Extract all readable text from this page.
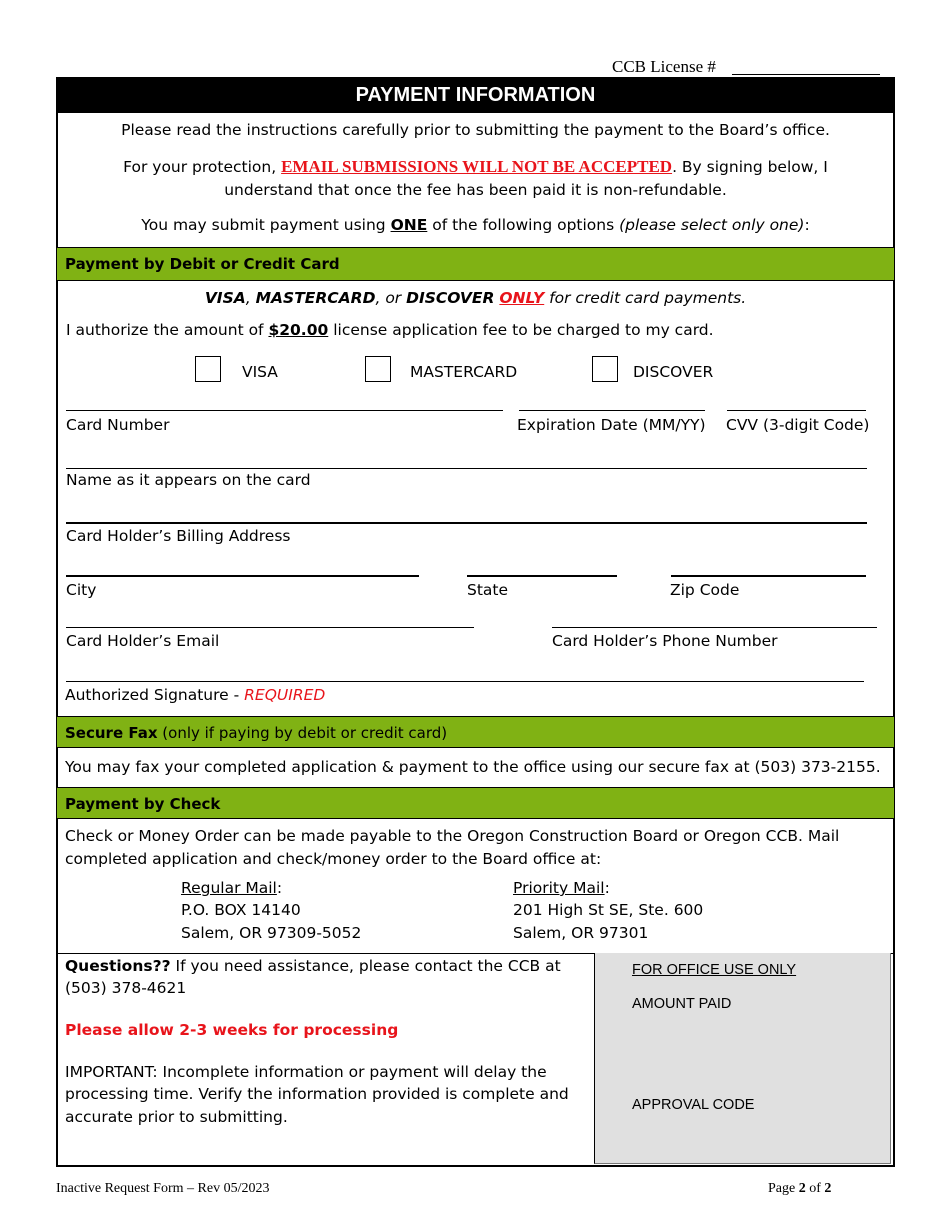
CCB License #
PAYMENT INFORMATION
Please read the instructions carefully prior to submitting the payment to the Board’s office.
For your protection, EMAIL SUBMISSIONS WILL NOT BE ACCEPTED. By signing below, I
understand that once the fee has been paid it is non-refundable.
You may submit payment using ONE of the following options (please select only one):
Payment by Debit or Credit Card
VISA, MASTERCARD, or DISCOVER ONLY for credit card payments.
I authorize the amount of $20.00 license application fee to be charged to my card.
VISA	MASTERCARD	DISCOVER
Card Number	Expiration Date (MM/YY) CVV (3-digit Code)
Name as it appears on the card
Card Holder’s Billing Address
City	State	Zip Code
Card Holder’s Email	Card Holder’s Phone Number
Authorized Signature - REQUIRED
Secure Fax (only if paying by debit or credit card)
You may fax your completed application & payment to the office using our secure fax at (503) 373-2155.
Payment by Check
Check or Money Order can be made payable to the Oregon Construction Board or Oregon CCB. Mail
completed application and check/money order to the Board office at:
Regular Mail:
P.O. BOX 14140
Salem, OR 97309-5052
Priority Mail:
201 High St SE, Ste. 600
Salem, OR 97301
Questions?? If you need assistance, please contact the CCB at
(503) 378-4621
Please allow 2-3 weeks for processing
IMPORTANT: Incomplete information or payment will delay the
processing time. Verify the information provided is complete and
accurate prior to submitting.
FOR OFFICE USE ONLY
AMOUNT PAID
APPROVAL CODE
Inactive Request Form – Rev 05/2023	Page 2 of 2
